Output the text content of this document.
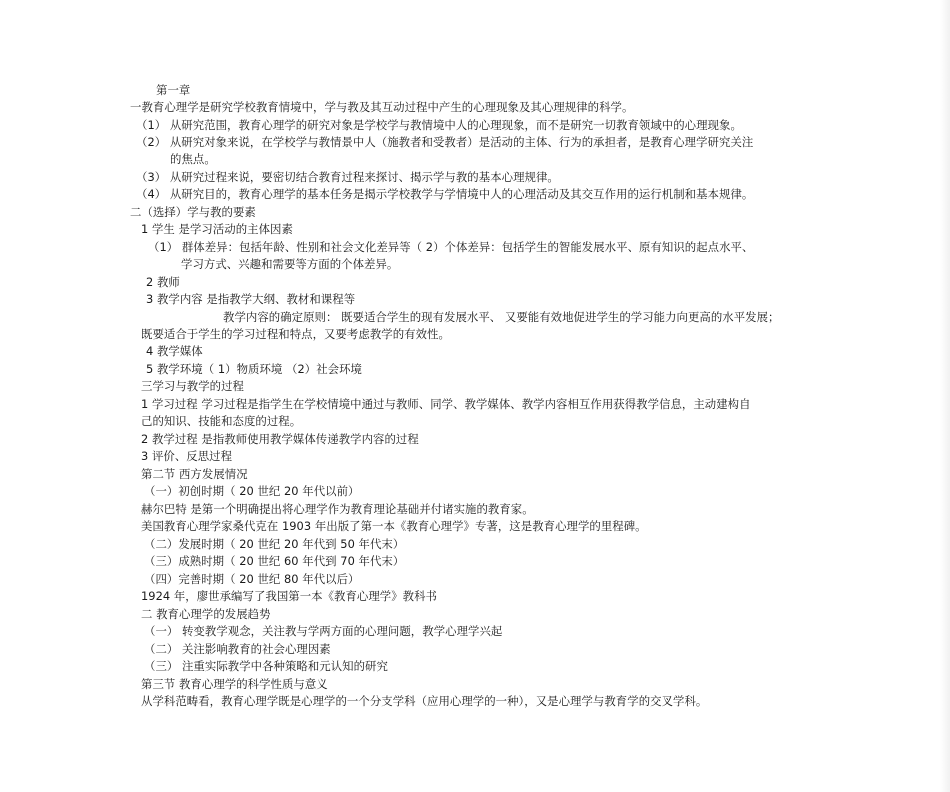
第一章
一教育心理学是研究学校教育情境中，学与教及其互动过程中产生的心理现象及其心理规律的科学。
（1） 从研究范围，教育心理学的研究对象是学校学与教情境中人的心理现象，而不是研究一切教育领域中的心理现象。
（2） 从研究对象来说，在学校学与教情景中人（施教者和受教者）是活动的主体、行为的承担者，是教育心理学研究关注
的焦点。
（3） 从研究过程来说，要密切结合教育过程来探讨、揭示学与教的基本心理规律。
（4） 从研究目的，教育心理学的基本任务是揭示学校教学与学情境中人的心理活动及其交互作用的运行机制和基本规律。
二（选择）学与教的要素
1 学生 是学习活动的主体因素
（1） 群体差异：包括年龄、性别和社会文化差异等（ 2）个体差异：包括学生的智能发展水平、原有知识的起点水平、
学习方式、兴趣和需要等方面的个体差异。
2 教师
3 教学内容 是指教学大纲、教材和课程等
教学内容的确定原则： 既要适合学生的现有发展水平、 又要能有效地促进学生的学习能力向更高的水平发展；
既要适合于学生的学习过程和特点，又要考虑教学的有效性。
4 教学媒体
5 教学环境（ 1）物质环境 （2）社会环境
三学习与教学的过程
1 学习过程 学习过程是指学生在学校情境中通过与教师、同学、教学媒体、教学内容相互作用获得教学信息，主动建构自
己的知识、技能和态度的过程。
2 教学过程 是指教师使用教学媒体传递教学内容的过程
3 评价、反思过程
第二节 西方发展情况
（一）初创时期（ 20 世纪 20 年代以前）
赫尔巴特 是第一个明确提出将心理学作为教育理论基础并付诸实施的教育家。
美国教育心理学家桑代克在 1903 年出版了第一本《教育心理学》专著，这是教育心理学的里程碑。
（二）发展时期（ 20 世纪 20 年代到 50 年代末）
（三）成熟时期（ 20 世纪 60 年代到 70 年代末）
（四）完善时期（ 20 世纪 80 年代以后）
1924 年，廖世承编写了我国第一本《教育心理学》教科书
二 教育心理学的发展趋势
（一） 转变教学观念，关注教与学两方面的心理问题，教学心理学兴起
（二） 关注影响教育的社会心理因素
（三） 注重实际教学中各种策略和元认知的研究
第三节 教育心理学的科学性质与意义
从学科范畴看，教育心理学既是心理学的一个分支学科（应用心理学的一种），又是心理学与教育学的交叉学科。
